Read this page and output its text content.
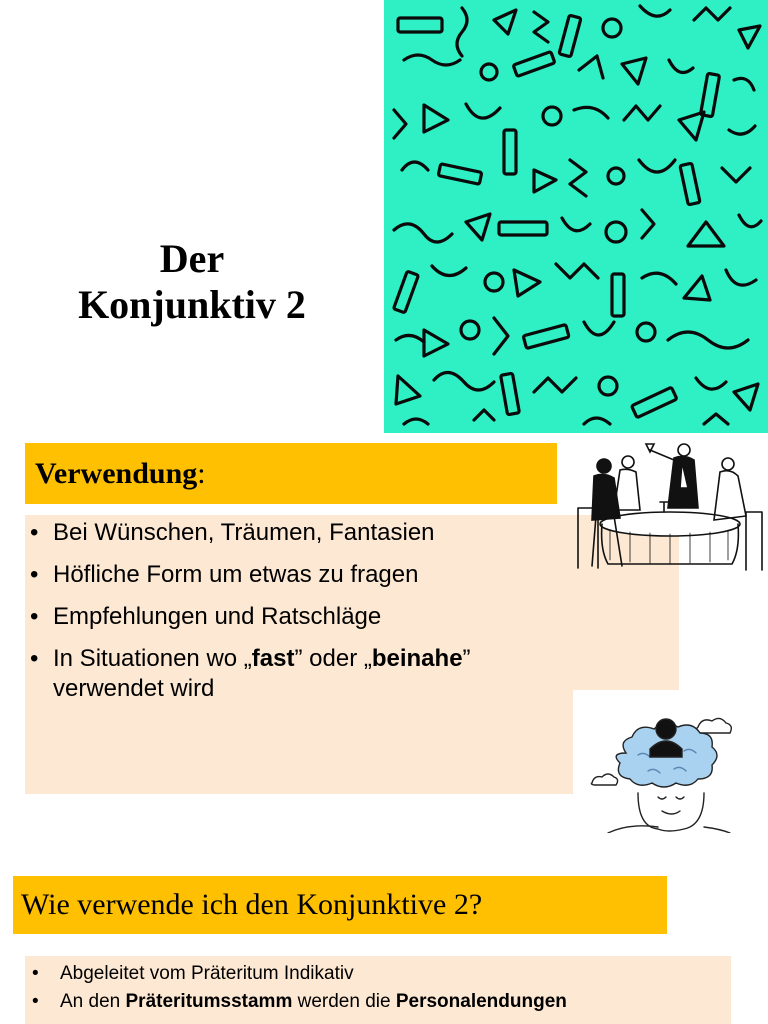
Der
Konjunktiv 2
Verwendung:
• Bei Wünschen, Träumen, Fantasien
• Höfliche Form um etwas zu fragen
• Empfehlungen und Ratschläge
• In Situationen wo „fast” oder „beinahe”
verwendet wird
Wie verwende ich den Konjunktive 2?
• Abgeleitet vom Präteritum Indikativ
• An den Präteritumsstamm werden die Personalendungen
